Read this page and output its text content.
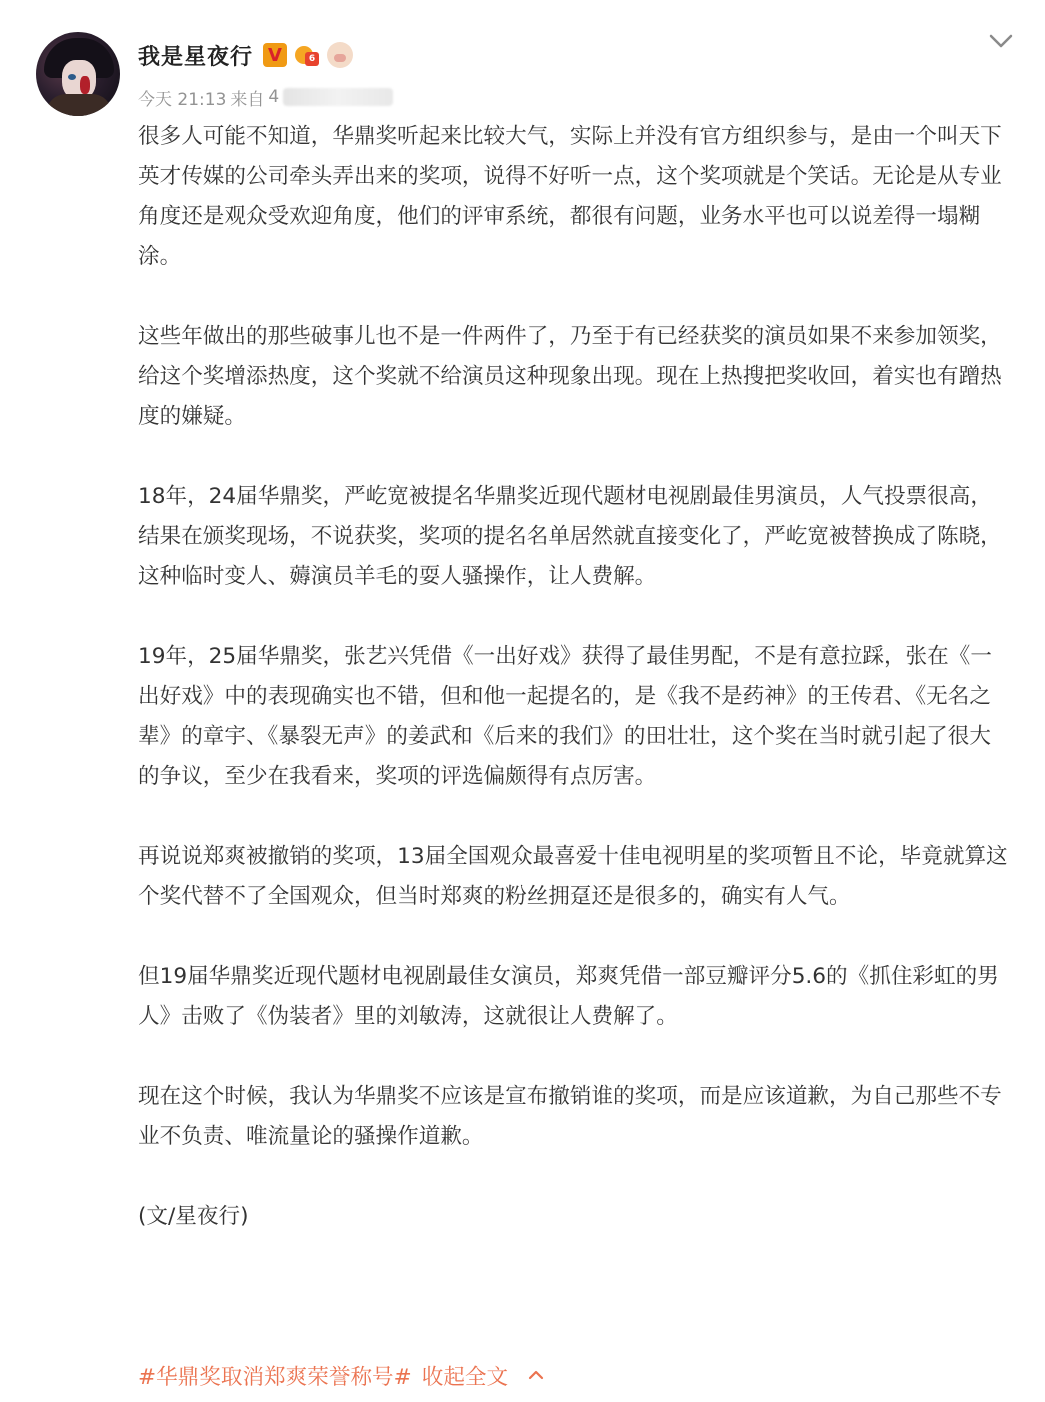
我是星夜行 V	6
今天 21:13 来自 4

很多人可能不知道，华鼎奖听起来比较大气，实际上并没有官方组织参与，是由一个叫天下英才传媒的公司牵头弄出来的奖项，说得不好听一点，这个奖项就是个笑话。无论是从专业角度还是观众受欢迎角度，他们的评审系统，都很有问题，业务水平也可以说差得一塌糊涂。

这些年做出的那些破事儿也不是一件两件了，乃至于有已经获奖的演员如果不来参加领奖，给这个奖增添热度，这个奖就不给演员这种现象出现。现在上热搜把奖收回，着实也有蹭热度的嫌疑。

18年，24届华鼎奖，严屹宽被提名华鼎奖近现代题材电视剧最佳男演员，人气投票很高，结果在颁奖现场，不说获奖，奖项的提名名单居然就直接变化了，严屹宽被替换成了陈晓，这种临时变人、薅演员羊毛的耍人骚操作，让人费解。

19年，25届华鼎奖，张艺兴凭借《一出好戏》获得了最佳男配，不是有意拉踩，张在《一出好戏》中的表现确实也不错，但和他一起提名的，是《我不是药神》的王传君、《无名之辈》的章宇、《暴裂无声》的姜武和《后来的我们》的田壮壮，这个奖在当时就引起了很大的争议，至少在我看来，奖项的评选偏颇得有点厉害。

再说说郑爽被撤销的奖项，13届全国观众最喜爱十佳电视明星的奖项暂且不论，毕竟就算这个奖代替不了全国观众，但当时郑爽的粉丝拥趸还是很多的，确实有人气。

但19届华鼎奖近现代题材电视剧最佳女演员，郑爽凭借一部豆瓣评分5.6的《抓住彩虹的男人》击败了《伪装者》里的刘敏涛，这就很让人费解了。

现在这个时候，我认为华鼎奖不应该是宣布撤销谁的奖项，而是应该道歉，为自己那些不专业不负责、唯流量论的骚操作道歉。

(文/星夜行)

#华鼎奖取消郑爽荣誉称号# 收起全文
